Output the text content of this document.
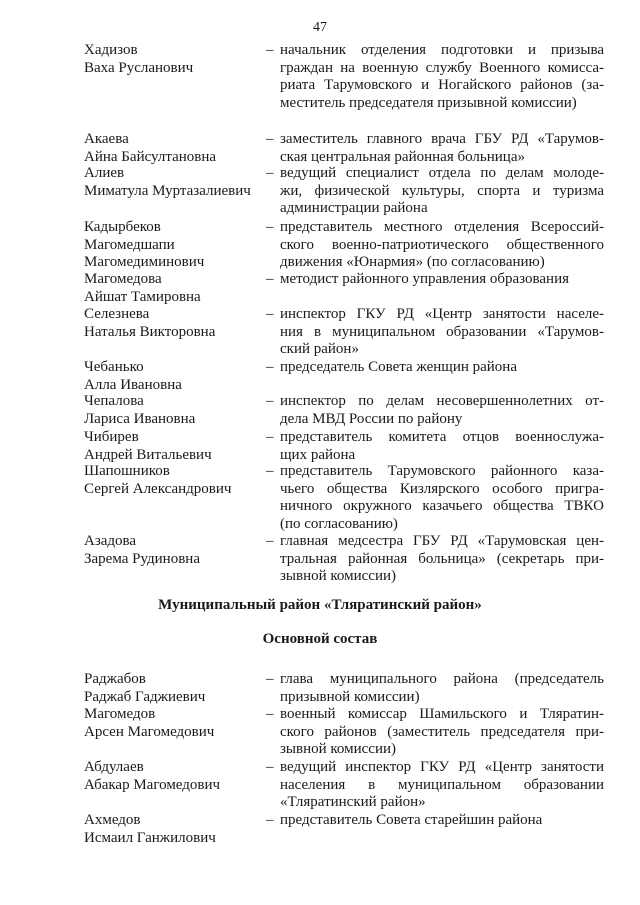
47
Хадизов
Ваха Русланович
– начальник отделения подготовки и призыва
граждан на военную службу Военного комисса-
риата Тарумовского и Ногайского районов (за-
меститель председателя призывной комиссии)
Акаева
Айна Байсултановна
– заместитель главного врача ГБУ РД «Тарумов-
ская центральная районная больница»
Алиев
Миматула Муртазалиевич
– ведущий специалист отдела по делам молоде-
жи, физической культуры, спорта и туризма
администрации района
Кадырбеков
Магомедшапи
Магомедиминович
– представитель местного отделения Всероссий-
ского военно-патриотического общественного
движения «Юнармия» (по согласованию)
Магомедова
Айшат Тамировна
– методист районного управления образования
Селезнева
Наталья Викторовна
– инспектор ГКУ РД «Центр занятости населе-
ния в муниципальном образовании «Тарумов-
ский район»
Чебанько
Алла Ивановна
– председатель Совета женщин района
Чепалова
Лариса Ивановна
– инспектор по делам несовершеннолетних от-
дела МВД России по району
Чибирев
Андрей Витальевич
– представитель комитета отцов военнослужа-
щих района
Шапошников
Сергей Александрович
– представитель Тарумовского районного каза-
чьего общества Кизлярского особого пригра-
ничного окружного казачьего общества ТВКО
(по согласованию)
Азадова
Зарема Рудиновна
– главная медсестра ГБУ РД «Тарумовская цен-
тральная районная больница» (секретарь при-
зывной комиссии)
Муниципальный район «Тляратинский район»
Основной состав
Раджабов
Раджаб Гаджиевич
– глава муниципального района (председатель
призывной комиссии)
Магомедов
Арсен Магомедович
– военный комиссар Шамильского и Тляратин-
ского районов (заместитель председателя при-
зывной комиссии)
Абдулаев
Абакар Магомедович
– ведущий инспектор ГКУ РД «Центр занятости
населения в муниципальном образовании
«Тляратинский район»
Ахмедов
Исмаил Ганжилович
– представитель Совета старейшин района
